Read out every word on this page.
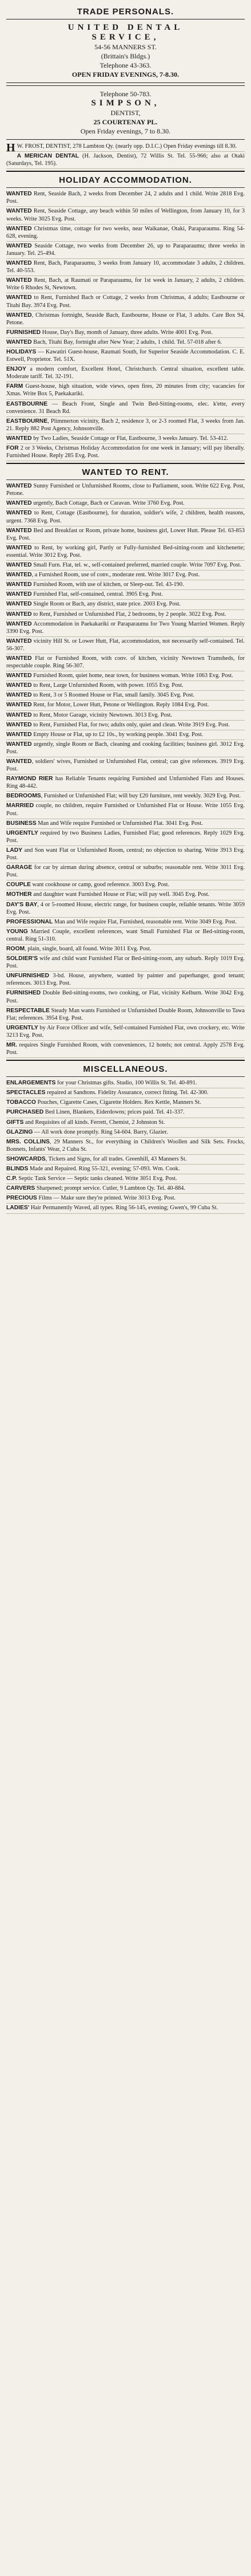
TRADE PERSONALS.
UNITED DENTAL
SERVICE,
54-56 MANNERS ST.
(Brittain's Bldgs.)
Telephone 43-363.
OPEN FRIDAY EVENINGS, 7-8.30.
Telephone 50-783.
SIMPSON,
DENTIST,
25 COURTENAY PL.
Open Friday evenings, 7 to 8.30.

H W. FROST, DENTIST, 278 Lambton Qy. (nearly opp. D.I.C.) Open Friday evenings till 8.30.

A MERICAN DENTAL (H. Jackson, Dentist), 72 Willis St. Tel. 55-966; also at Otaki (Saturdays, Tel. 195).

HOLIDAY ACCOMMODATION.

WANTED Rent, Seaside Bach, 2 weeks from December 24, 2 adults and 1 child. Write 2818 Evg. Post.

WANTED Rent, Seaside Cottage, any beach within 50 miles of Wellington, from January 10, for 3 weeks. Write 3025 Evg. Post.

WANTED Christmas time, cottage for two weeks, near Waikanae, Otaki, Paraparaumu. Ring 54-628, evening.

WANTED Seaside Cottage, two weeks from December 26, up to Paraparaumu; three weeks in January. Tel. 25-494.

WANTED Rent, Bach, Paraparaumu, 3 weeks from January 10, accommodate 3 adults, 2 children. Tel. 40-553.

WANTED Rent, Bach, at Raumati or Paraparaumu, for 1st week in January, 2 adults, 2 children. Write 6 Rhodes St, Newtown.

WANTED to Rent, Furnished Bach or Cottage, 2 weeks from Christmas, 4 adults; Eastbourne or Titahi Bay. 3974 Evg. Post.

WANTED, Christmas fortnight, Seaside Bach, Eastbourne, House or Flat, 3 adults. Care Box 94, Petone.

FURNISHED House, Day's Bay, month of January, three adults. Write 4001 Evg. Post.

WANTED Bach, Titahi Bay, fortnight after New Year; 2 adults, 1 child. Tel. 57-018 after 6.

HOLIDAYS — Kawatiri Guest-house, Raumati South, for Superior Seaside Accommodation. C. E. Estwell, Proprietor. Tel. 51X.

ENJOY a modern comfort, Excellent Hotel, Christchurch. Central situation, excellent table. Moderate tariff. Tel. 32-191.

FARM Guest-house, high situation, wide views, open fires, 20 minutes from city; vacancies for Xmas. Write Box 5, Paekakariki.

EASTBOURNE — Beach Front, Single and Twin Bed-Sitting-rooms, elec. k'ette, every convenience. 31 Beach Rd.

EASTBOURNE, Plimmerton vicinity, Bach 2, residence 3, or 2-3 roomed Flat, 3 weeks from Jan. 21. Reply 882 Post Agency, Johnsonville.

WANTED by Two Ladies, Seaside Cottage or Flat, Eastbourne, 3 weeks January. Tel. 53-412.

FOR 2 or 3 Weeks, Christmas Holiday Accommodation for one week in January; will pay liberally. Furnished House. Reply 285 Evg. Post.

WANTED TO RENT.

WANTED Sunny Furnished or Unfurnished Rooms, close to Parliament, soon. Write 622 Evg. Post, Petone.

WANTED urgently, Bach Cottage, Bach or Caravan. Write 3760 Evg. Post.

WANTED to Rent, Cottage (Eastbourne), for duration, soldier's wife, 2 children, health reasons, urgent. 7368 Evg. Post.

WANTED Bed and Breakfast or Room, private home, business girl, Lower Hutt. Please Tel. 63-853 Evg. Post.

WANTED to Rent, by working girl, Partly or Fully-furnished Bed-sitting-room and kitchenette; essential. Write 3012 Evg. Post.

WANTED Small Furn. Flat, tel. w., self-contained preferred, married couple. Write 7097 Evg. Post.

WANTED, a Furnished Room, use of conv., moderate rent. Write 3017 Evg. Post.

WANTED Furnished Room, with use of kitchen, or Sleep-out. Tel. 43-190.

WANTED Furnished Flat, self-contained, central. 3905 Evg. Post.

WANTED Single Room or Bach, any district, state price. 2003 Evg. Post.

WANTED to Rent, Furnished or Unfurnished Flat, 2 bedrooms, by 2 people. 3022 Evg. Post.

WANTED Accommodation in Paekakariki or Paraparaumu for Two Young Married Women. Reply 3390 Evg. Post.

WANTED vicinity Hill St. or Lower Hutt, Flat, accommodation, not necessarily self-contained. Tel. 56-307.

WANTED Flat or Furnished Room, with conv. of kitchen, vicinity Newtown Tramsheds, for respectable couple. Ring 56-307.

WANTED Furnished Room, quiet home, near town, for business woman. Write 1063 Evg. Post.

WANTED to Rent, Large Unfurnished Room, with power. 1055 Evg. Post.

WANTED to Rent, 3 or 5 Roomed House or Flat, small family. 3045 Evg. Post.

WANTED Rent, for Motor, Lower Hutt, Petone or Wellington. Reply 1084 Evg. Post.

WANTED to Rent, Motor Garage, vicinity Newtown. 3013 Evg. Post.

WANTED to Rent, Furnished Flat, for two; adults only, quiet and clean. Write 3919 Evg. Post.

WANTED Empty House or Flat, up to £2 10s., by working people. 3041 Evg. Post.

WANTED urgently, single Room or Bach, cleaning and cooking facilities; business girl. 3012 Evg. Post.

WANTED, soldiers' wives, Furnished or Unfurnished Flat, central; can give references. 3919 Evg. Post.

RAYMOND RIER has Reliable Tenants requiring Furnished and Unfurnished Flats and Houses. Ring 48-442.

BEDROOMS, Furnished or Unfurnished Flat; will buy £20 furniture, rent weekly. 3029 Evg. Post.

MARRIED couple, no children, require Furnished or Unfurnished Flat or House. Write 1055 Evg. Post.

BUSINESS Man and Wife require Furnished or Unfurnished Flat. 3041 Evg. Post.

URGENTLY required by two Business Ladies, Furnished Flat; good references. Reply 1029 Evg. Post.

LADY and Son want Flat or Unfurnished Room, central; no objection to sharing. Write 3913 Evg. Post.

GARAGE for car by airman during absence, central or suburbs; reasonable rent. Write 3011 Evg. Post.

COUPLE want cookhouse or camp, good reference. 3003 Evg. Post.

MOTHER and daughter want Furnished House or Flat; will pay well. 3045 Evg. Post.

DAY'S BAY, 4 or 5-roomed House, electric range, for business couple, reliable tenants. Write 3059 Evg. Post.

PROFESSIONAL Man and Wife require Flat, Furnished, reasonable rent. Write 3049 Evg. Post.

YOUNG Married Couple, excellent references, want Small Furnished Flat or Bed-sitting-room, central. Ring 51-310.

ROOM, plain, single, board, all found. Write 3011 Evg. Post.

SOLDIER'S wife and child want Furnished Flat or Bed-sitting-room, any suburb. Reply 1019 Evg. Post.

UNFURNISHED 3-bd. House, anywhere, wanted by painter and paperhanger, good tenant; references. 3013 Evg. Post.

FURNISHED Double Bed-sitting-rooms, two cooking, or Flat, vicinity Kelburn. Write 3042 Evg. Post.

RESPECTABLE Steady Man wants Furnished or Unfurnished Double Room, Johnsonville to Tawa Flat; references. 3954 Evg. Post.

URGENTLY by Air Force Officer and wife, Self-contained Furnished Flat, own crockery, etc. Write 3213 Evg. Post.

MR. requires Single Furnished Room, with conveniences, 12 hotels; not central. Apply 2578 Evg. Post.

MISCELLANEOUS.

ENLARGEMENTS for your Christmas gifts. Studio, 100 Willis St. Tel. 40-891.

SPECTACLES repaired at Sandtons. Fidelity Assurance, correct fitting. Tel. 42-300.

TOBACCO Pouches, Cigarette Cases, Cigarette Holders. Rex Kettle, Manners St.

PURCHASED Bed Linen, Blankets, Eiderdowns; prices paid. Tel. 41-337.

GIFTS and Requisites of all kinds. Ferrett, Chemist, 2 Johnston St.

GLAZING — All work done promptly. Ring 54-604. Barry, Glazier.

MRS. COLLINS, 29 Manners St., for everything in Children's Woollen and Silk Sets. Frocks, Bonnets, Infants' Wear, 2 Cuba St.

SHOWCARDS, Tickets and Signs, for all trades. Greenhill, 43 Manners St.

BLINDS Made and Repaired. Ring 55-321, evening; 57-093. Wm. Cook.

C.P. Septic Tank Service — Septic tanks cleaned. Write 3051 Evg. Post.

CARVERS Sharpened; prompt service. Cutler, 9 Lambton Qy. Tel. 40-884.

PRECIOUS Films — Make sure they're printed. Write 3013 Evg. Post.

LADIES' Hair Permanently Waved, all types. Ring 56-145, evening; Gwen's, 99 Cuba St.
